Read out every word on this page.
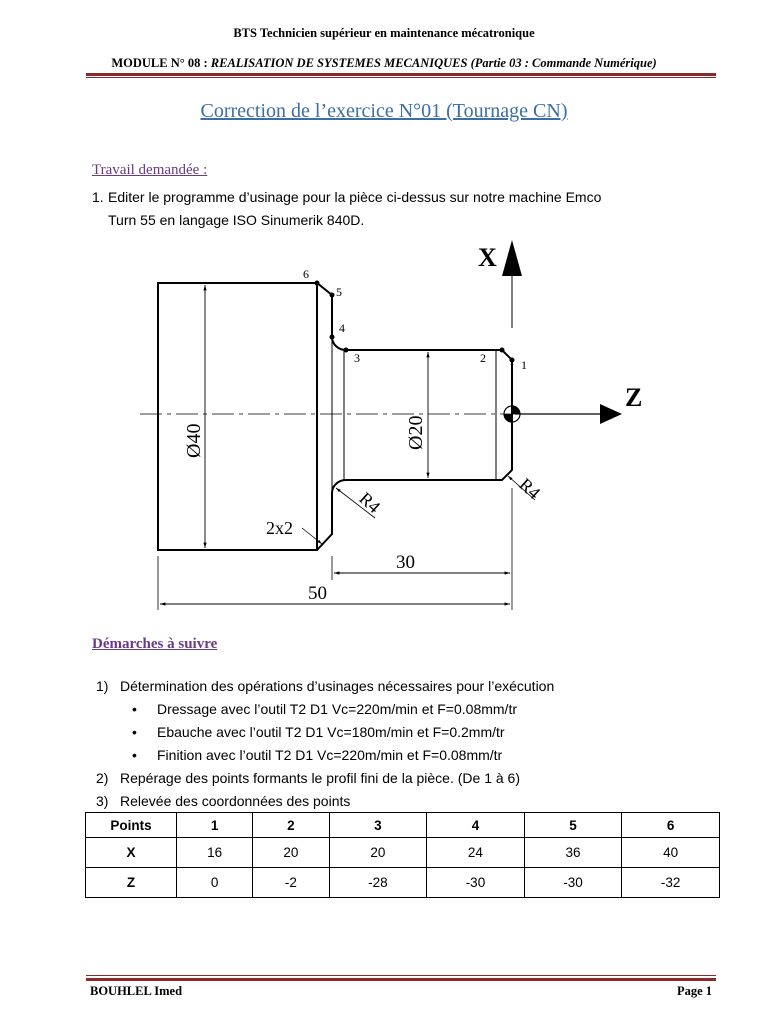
BTS Technicien supérieur en maintenance mécatronique
MODULE N° 08 : REALISATION DE SYSTEMES MECANIQUES (Partie 03 : Commande Numérique)
Correction de l’exercice N°01 (Tournage CN)
Travail demandée :
1. Editer le programme d’usinage pour la pièce ci-dessus sur notre machine Emco
Turn 55 en langage ISO Sinumerik 840D.
Z
X
1
2
3
4
5
6
Ø40	Ø20
R4	R4
2x2
30
50
Démarches à suivre
1) Détermination des opérations d’usinages nécessaires pour l’exécution
• Dressage avec l’outil T2 D1 Vc=220m/min et F=0.08mm/tr
• Ebauche avec l’outil T2 D1 Vc=180m/min et F=0.2mm/tr
• Finition avec l’outil T2 D1 Vc=220m/min et F=0.08mm/tr
2) Repérage des points formants le profil fini de la pièce. (De 1 à 6)
3) Relevée des coordonnées des points
Points	1	2	3	4	5	6
X	16	20	20	24	36	40
Z	0	-2	-28	-30	-30	-32
BOUHLEL Imed	Page 1
